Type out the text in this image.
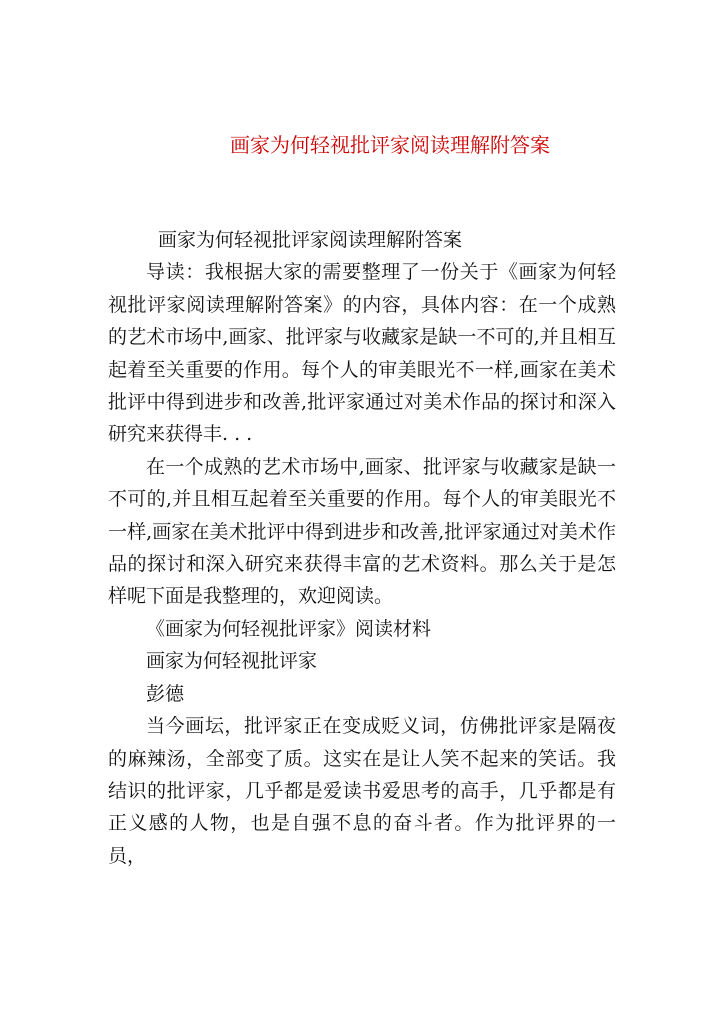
画家为何轻视批评家阅读理解附答案

画家为何轻视批评家阅读理解附答案

导读：我根据大家的需要整理了一份关于《画家为何轻视批评家阅读理解附答案》的内容，具体内容：在一个成熟的艺术市场中,画家、批评家与收藏家是缺一不可的,并且相互起着至关重要的作用。每个人的审美眼光不一样,画家在美术批评中得到进步和改善,批评家通过对美术作品的探讨和深入研究来获得丰. . .

在一个成熟的艺术市场中,画家、批评家与收藏家是缺一不可的,并且相互起着至关重要的作用。每个人的审美眼光不一样,画家在美术批评中得到进步和改善,批评家通过对美术作品的探讨和深入研究来获得丰富的艺术资料。那么关于是怎样呢下面是我整理的，欢迎阅读。

《画家为何轻视批评家》阅读材料

画家为何轻视批评家

彭德

当今画坛，批评家正在变成贬义词，仿佛批评家是隔夜的麻辣汤，全部变了质。这实在是让人笑不起来的笑话。我结识的批评家，几乎都是爱读书爱思考的高手，几乎都是有正义感的人物，也是自强不息的奋斗者。作为批评界的一员，
